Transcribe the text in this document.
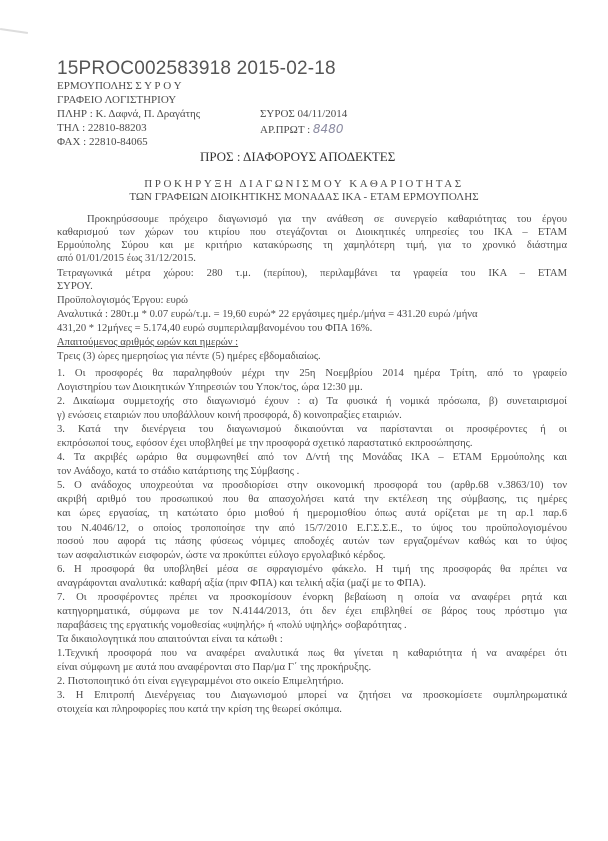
15PROC002583918 2015-02-18
ΕΡΜΟΥΠΟΛΗΣ Σ Υ Ρ Ο Υ
ΓΡΑΦΕΙΟ ΛΟΓΙΣΤΗΡΙΟΥ
ΠΛΗΡ : Κ. Δαφνά, Π. Δραγάτης
ΤΗΛ : 22810-88203
ΦΑΧ : 22810-84065
ΣΥΡΟΣ 04/11/2014
ΑΡ.ΠΡΩΤ : 8480
ΠΡΟΣ : ΔΙΑΦΟΡΟΥΣ ΑΠΟΔΕΚΤΕΣ
ΠΡΟΚΗΡΥΞΗ ΔΙΑΓΩΝΙΣΜΟΥ ΚΑΘΑΡΙΟΤΗΤΑΣ
ΤΩΝ ΓΡΑΦΕΙΩΝ ΔΙΟΙΚΗΤΙΚΗΣ ΜΟΝΑΔΑΣ ΙΚΑ - ΕΤΑΜ ΕΡΜΟΥΠΟΛΗΣ
Προκηρύσσουμε πρόχειρο διαγωνισμό για την ανάθεση σε συνεργείο καθαριότητας του έργου
καθαρισμού των χώρων του κτιρίου που στεγάζονται οι Διοικητικές υπηρεσίες του ΙΚΑ – ΕΤΑΜ
Ερμούπολης Σύρου και με κριτήριο κατακύρωσης τη χαμηλότερη τιμή, για το χρονικό διάστημα
από 01/01/2015 έως 31/12/2015.
Τετραγωνικά μέτρα χώρου: 280 τ.μ. (περίπου), περιλαμβάνει τα γραφεία του ΙΚΑ – ΕΤΑΜ
ΣΥΡΟΥ.
Προϋπολογισμός Έργου: ευρώ
Αναλυτικά : 280τ.μ * 0.07 ευρώ/τ.μ. = 19,60 ευρώ* 22 εργάσιμες ημέρ./μήνα = 431.20 ευρώ /μήνα
431,20 * 12μήνες = 5.174,40 ευρώ συμπεριλαμβανομένου του ΦΠΑ 16%.
Απαιτούμενος αριθμός ωρών και ημερών :
Τρεις (3) ώρες ημερησίως για πέντε (5) ημέρες εβδομαδιαίως.
1. Οι προσφορές θα παραληφθούν μέχρι την 25η Νοεμβρίου 2014 ημέρα Τρίτη, από το γραφείο
Λογιστηρίου των Διοικητικών Υπηρεσιών του Υποκ/τος, ώρα 12:30 μμ.
2. Δικαίωμα συμμετοχής στο διαγωνισμό έχουν : α) Τα φυσικά ή νομικά πρόσωπα, β) συνεταιρισμοί
γ) ενώσεις εταιριών που υποβάλλουν κοινή προσφορά, δ) κοινοπραξίες εταιριών.
3. Κατά την διενέργεια του διαγωνισμού δικαιούνται να παρίστανται οι προσφέροντες ή οι
εκπρόσωποί τους, εφόσον έχει υποβληθεί με την προσφορά σχετικό παραστατικό εκπροσώπησης.
4. Τα ακριβές ωράριο θα συμφωνηθεί από τον Δ/ντή της Μονάδας ΙΚΑ – ΕΤΑΜ Ερμούπολης και
τον Ανάδοχο, κατά το στάδιο κατάρτισης της Σύμβασης .
5. Ο ανάδοχος υποχρεούται να προσδιορίσει στην οικονομική προσφορά του (αρθρ.68 ν.3863/10) τον
ακριβή αριθμό του προσωπικού που θα απασχολήσει κατά την εκτέλεση της σύμβασης, τις ημέρες
και ώρες εργασίας, τη κατώτατο όριο μισθού ή ημερομισθίου όπως αυτά ορίζεται με τη αρ.1 παρ.6
του Ν.4046/12, ο οποίος τροποποίησε την από 15/7/2010 Ε.Γ.Σ.Σ.Ε., το ύψος του προϋπολογισμένου
ποσού που αφορά τις πάσης φύσεως νόμιμες αποδοχές αυτών των εργαζομένων καθώς και το ύψος
των ασφαλιστικών εισφορών, ώστε να προκύπτει εύλογο εργολαβικό κέρδος.
6. Η προσφορά θα υποβληθεί μέσα σε σφραγισμένο φάκελο. Η τιμή της προσφοράς θα πρέπει να
αναγράφονται αναλυτικά: καθαρή αξία (πριν ΦΠΑ) και τελική αξία (μαζί με το ΦΠΑ).
7. Οι προσφέροντες πρέπει να προσκομίσουν ένορκη βεβαίωση η οποία να αναφέρει ρητά και
κατηγορηματικά, σύμφωνα με τον Ν.4144/2013, ότι δεν έχει επιβληθεί σε βάρος τους πρόστιμο για
παραβάσεις της εργατικής νομοθεσίας «υψηλής» ή «πολύ υψηλής» σοβαρότητας .
Τα δικαιολογητικά που απαιτούνται είναι τα κάτωθι :
1.Τεχνική προσφορά που να αναφέρει αναλυτικά πως θα γίνεται η καθαριότητα ή να αναφέρει ότι
είναι σύμφωνη με αυτά που αναφέρονται στο Παρ/μα Γ΄ της προκήρυξης.
2. Πιστοποιητικό ότι είναι εγγεγραμμένοι στο οικείο Επιμελητήριο.
3. Η Επιτροπή Διενέργειας του Διαγωνισμού μπορεί να ζητήσει να προσκομίσετε συμπληρωματικά
στοιχεία και πληροφορίες που κατά την κρίση της θεωρεί σκόπιμα.
